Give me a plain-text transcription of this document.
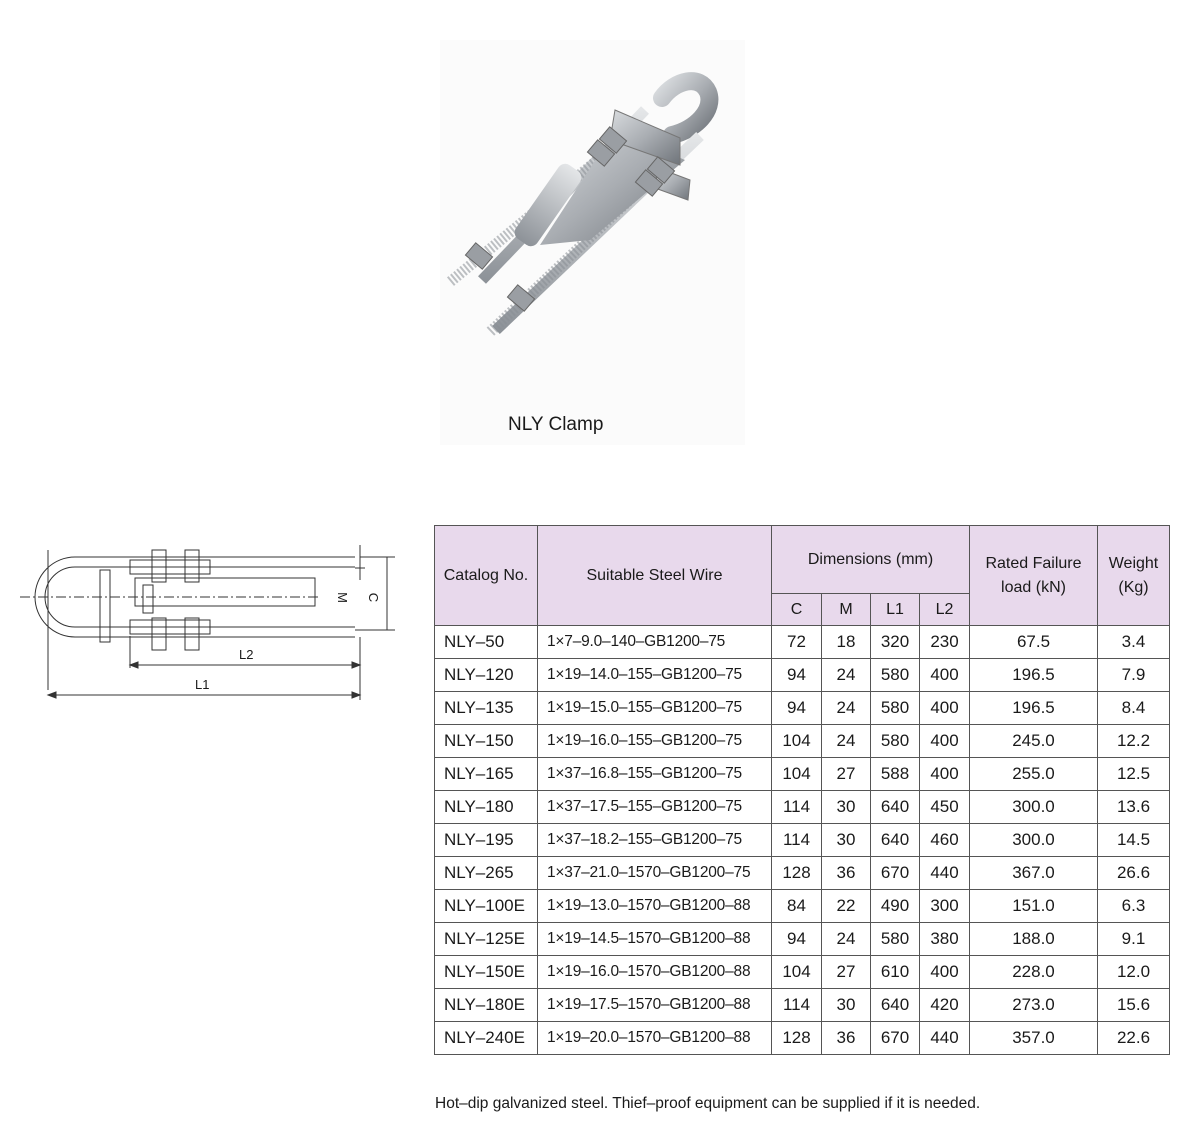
NLY Clamp
M C
L2
L1
Catalog No.	Suitable Steel Wire	Dimensions (mm)				Rated Failure load (kN)	Weight (Kg)
		C	M	L1	L2		
NLY–50	1×7–9.0–140–GB1200–75	72	18	320	230	67.5	3.4
NLY–120	1×19–14.0–155–GB1200–75	94	24	580	400	196.5	7.9
NLY–135	1×19–15.0–155–GB1200–75	94	24	580	400	196.5	8.4
NLY–150	1×19–16.0–155–GB1200–75	104	24	580	400	245.0	12.2
NLY–165	1×37–16.8–155–GB1200–75	104	27	588	400	255.0	12.5
NLY–180	1×37–17.5–155–GB1200–75	114	30	640	450	300.0	13.6
NLY–195	1×37–18.2–155–GB1200–75	114	30	640	460	300.0	14.5
NLY–265	1×37–21.0–1570–GB1200–75	128	36	670	440	367.0	26.6
NLY–100E	1×19–13.0–1570–GB1200–88	84	22	490	300	151.0	6.3
NLY–125E	1×19–14.5–1570–GB1200–88	94	24	580	380	188.0	9.1
NLY–150E	1×19–16.0–1570–GB1200–88	104	27	610	400	228.0	12.0
NLY–180E	1×19–17.5–1570–GB1200–88	114	30	640	420	273.0	15.6
NLY–240E	1×19–20.0–1570–GB1200–88	128	36	670	440	357.0	22.6
Hot–dip galvanized steel. Thief–proof equipment can be supplied if it is needed.
